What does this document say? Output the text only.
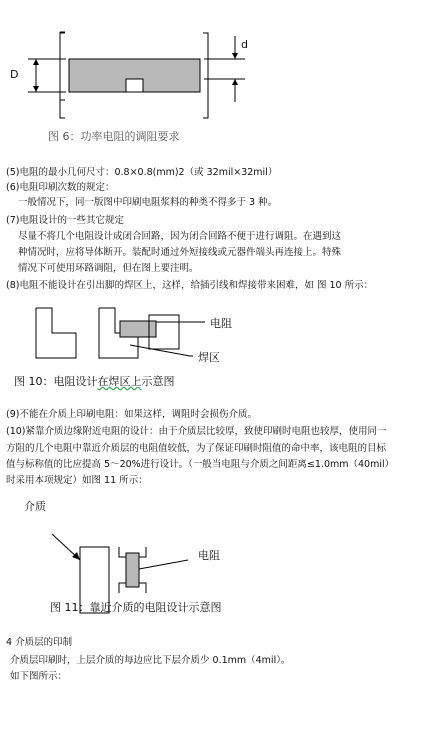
D
d
图 6：功率电阻的调阻要求
(5)电阻的最小几何尺寸：0.8×0.8(mm)2（或 32mil×32mil）
(6)电阻印刷次数的规定：
一般情况下，同一版图中印刷电阻浆料的种类不得多于 3 种。
(7)电阻设计的一些其它规定
尽量不将几个电阻设计成闭合回路，因为闭合回路不便于进行调阻。在遇到这
种情况时，应将导体断开。装配时通过外短接线或元器件端头再连接上。特殊
情况下可使用环路调阻，但在图上要注明。
(8)电阻不能设计在引出脚的焊区上，这样，给插引线和焊接带来困难，如 图 10 所示：
电阻
焊区
图 10：电阻设计在焊区上示意图
(9)不能在介质上印刷电阻：如果这样，调阻时会损伤介质。
(10)紧靠介质边缘附近电阻的设计：由于介质层比较厚，致使印刷时电阻也较厚，使用同一
方阻的几个电阻中靠近介质层的电阻值较低，为了保证印刷时阻值的命中率，该电阻的目标
值与标称值的比应提高 5～20%进行设计。（一般当电阻与介质之间距离≤1.0mm（40mil）
时采用本项规定）如图 11 所示：
介质
电阻
图 11：靠近介质的电阻设计示意图
4 介质层的印制
介质层印刷时，上层介质的每边应比下层介质少 0.1mm（4mil）。
如下图所示：
